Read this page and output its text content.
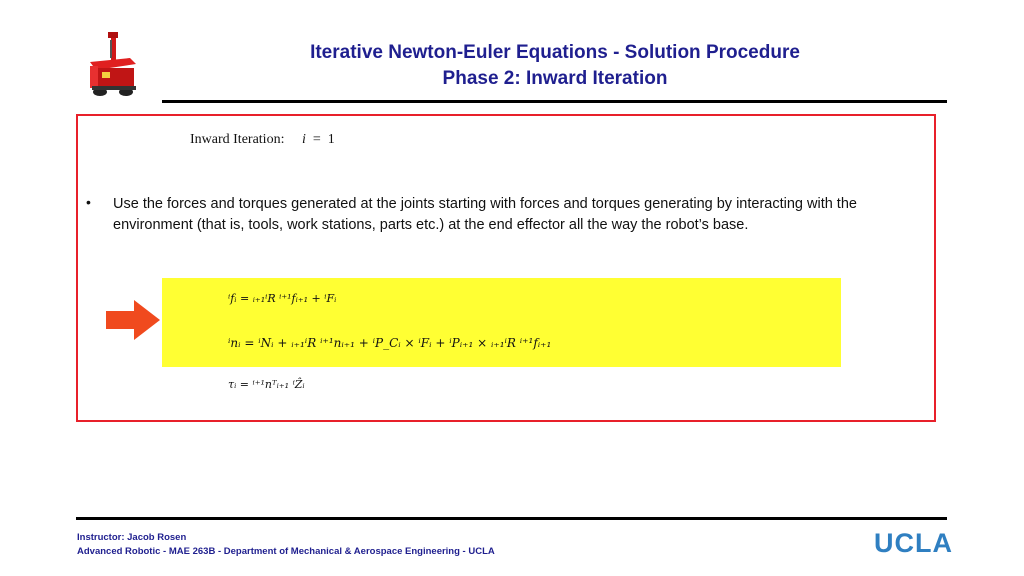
Iterative Newton-Euler Equations - Solution Procedure
Phase 2: Inward Iteration
Inward Iteration: i = 1
• Use the forces and torques generated at the joints starting with forces and torques generating by interacting with the environment (that is, tools, work stations, parts etc.) at the end effector all the way the robot’s base.
ⁱfᵢ = ᵢ₊₁ⁱR ⁱ⁺¹fᵢ₊₁ + ⁱFᵢ
ⁱnᵢ = ⁱNᵢ + ᵢ₊₁ⁱR ⁱ⁺¹nᵢ₊₁ + ⁱP_Cᵢ × ⁱFᵢ + ⁱPᵢ₊₁ × ᵢ₊₁ⁱR ⁱ⁺¹fᵢ₊₁
τᵢ = ⁱ⁺¹nᵀᵢ₊₁ ⁱẐᵢ
Instructor: Jacob Rosen
Advanced Robotic - MAE 263B - Department of Mechanical & Aerospace Engineering - UCLA	UCLA
